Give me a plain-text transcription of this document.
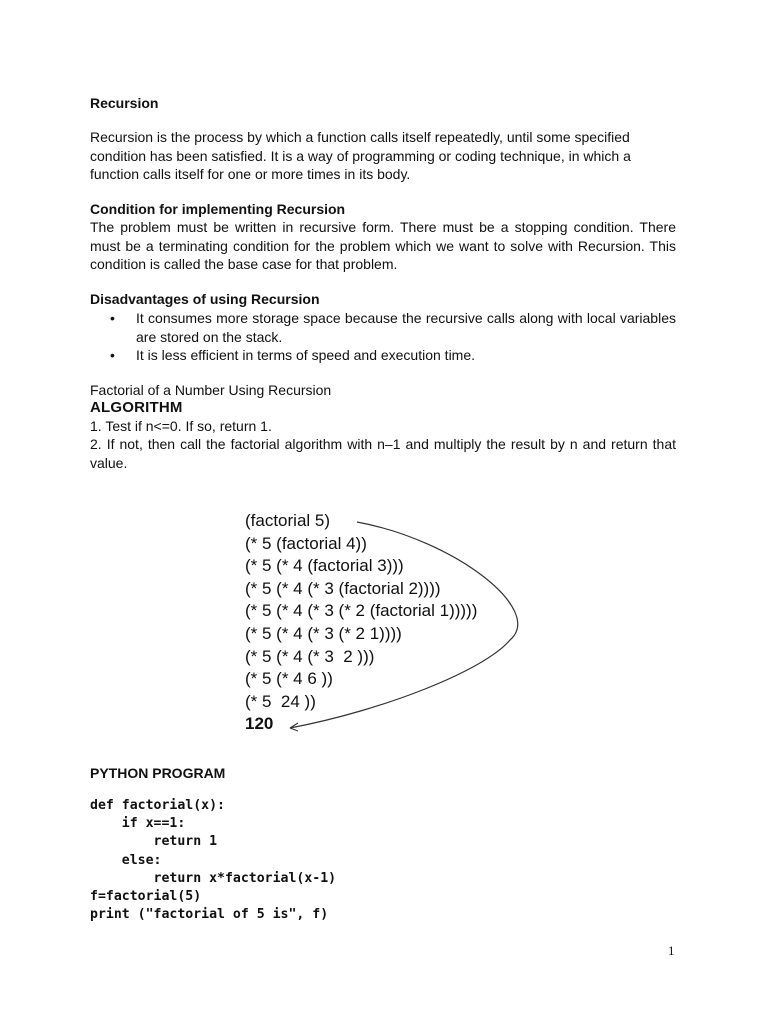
Recursion

Recursion is the process by which a function calls itself repeatedly, until some specified condition has been satisfied. It is a way of programming or coding technique, in which a function calls itself for one or more times in its body.

Condition for implementing Recursion

The problem must be written in recursive form. There must be a stopping condition. There must be a terminating condition for the problem which we want to solve with Recursion. This condition is called the base case for that problem.

Disadvantages of using Recursion
• It consumes more storage space because the recursive calls along with local variables are stored on the stack.
• It is less efficient in terms of speed and execution time.
Factorial of a Number Using Recursion
ALGORITHM
1. Test if n<=0. If so, return 1.

2. If not, then call the factorial algorithm with n–1 and multiply the result by n and return that value.

(factorial 5)
(* 5 (factorial 4))
(* 5 (* 4 (factorial 3)))
(* 5 (* 4 (* 3 (factorial 2))))
(* 5 (* 4 (* 3 (* 2 (factorial 1)))))
(* 5 (* 4 (* 3 (* 2 1))))
(* 5 (* 4 (* 3  2 )))
(* 5 (* 4 6 ))
(* 5  24 ))
120
PYTHON PROGRAM
def factorial(x):
if x==1:
return 1
else:
return x*factorial(x-1)
f=factorial(5)
print ("factorial of 5 is", f)
1
